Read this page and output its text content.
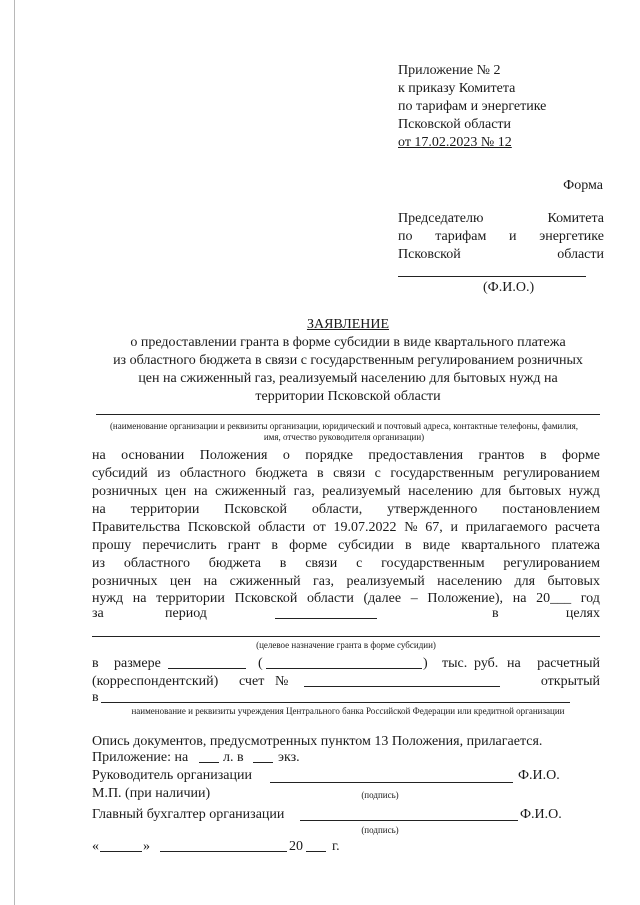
Приложение № 2
к приказу Комитета
по тарифам и энергетике
Псковской области
от 17.02.2023 № 12
Форма
Председателю	Комитета
по тарифам и энергетике
Псковской	области
(Ф.И.О.)
ЗАЯВЛЕНИЕ
о предоставлении гранта в форме субсидии в виде квартального платежа
из областного бюджета в связи с государственным регулированием розничных
цен на сжиженный газ, реализуемый населению для бытовых нужд на
территории Псковской области
(наименование организации и реквизиты организации, юридический и почтовый адреса, контактные телефоны, фамилия, имя, отчество руководителя организации)
на основании Положения о порядке предоставления грантов в форме
субсидий из областного бюджета в связи с государственным регулированием
розничных цен на сжиженный газ, реализуемый населению для бытовых нужд
на территории Псковской области, утвержденного постановлением
Правительства Псковской области от 19.07.2022 № 67, и прилагаемого расчета
прошу перечислить грант в форме субсидии в виде квартального платежа
из областного бюджета в связи с государственным регулированием
розничных цен на сжиженный газ, реализуемый населению для бытовых
нужд на территории Псковской области (далее – Положение), на 20___ год
за	период	в	целях
(целевое назначение гранта в форме субсидии)
в размере	(	) тыс. руб. на расчетный
(корреспондентский) счет №	открытый
в
наименование и реквизиты учреждения Центрального банка Российской Федерации или кредитной организации
Опись документов, предусмотренных пунктом 13 Положения, прилагается.
Приложение: на л. в экз.
Руководитель организации	Ф.И.О.
М.П. (при наличии)	(подпись)
Главный бухгалтер организации	Ф.И.О.
(подпись)
«	»	20 г.
